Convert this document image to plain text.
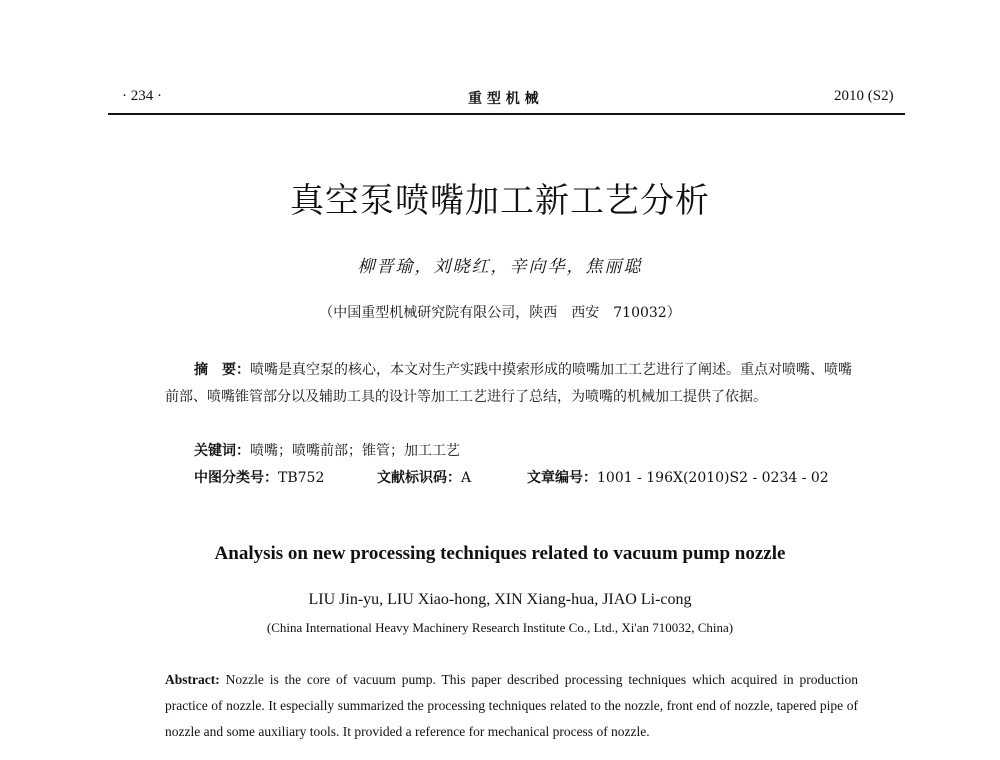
· 234 ·	重 型 机 械	2010 (S2)
真空泵喷嘴加工新工艺分析
柳晋瑜，刘晓红，辛向华，焦丽聪
（中国重型机械研究院有限公司，陕西　西安　710032）

摘　要：喷嘴是真空泵的核心，本文对生产实践中摸索形成的喷嘴加工工艺进行了阐述。重点对喷嘴、喷嘴前部、喷嘴锥管部分以及辅助工具的设计等加工工艺进行了总结，为喷嘴的机械加工提供了依据。

关键词：喷嘴；喷嘴前部；锥管；加工工艺
中图分类号：TB752	文献标识码：A	文章编号：1001 - 196X(2010)S2 - 0234 - 02
Analysis on new processing techniques related to vacuum pump nozzle
LIU Jin-yu, LIU Xiao-hong, XIN Xiang-hua, JIAO Li-cong
(China International Heavy Machinery Research Institute Co., Ltd., Xi'an 710032, China)

Abstract: Nozzle is the core of vacuum pump. This paper described processing techniques which acquired in production practice of nozzle. It especially summarized the processing techniques related to the nozzle, front end of nozzle, tapered pipe of nozzle and some auxiliary tools. It provided a reference for mechanical process of nozzle.
